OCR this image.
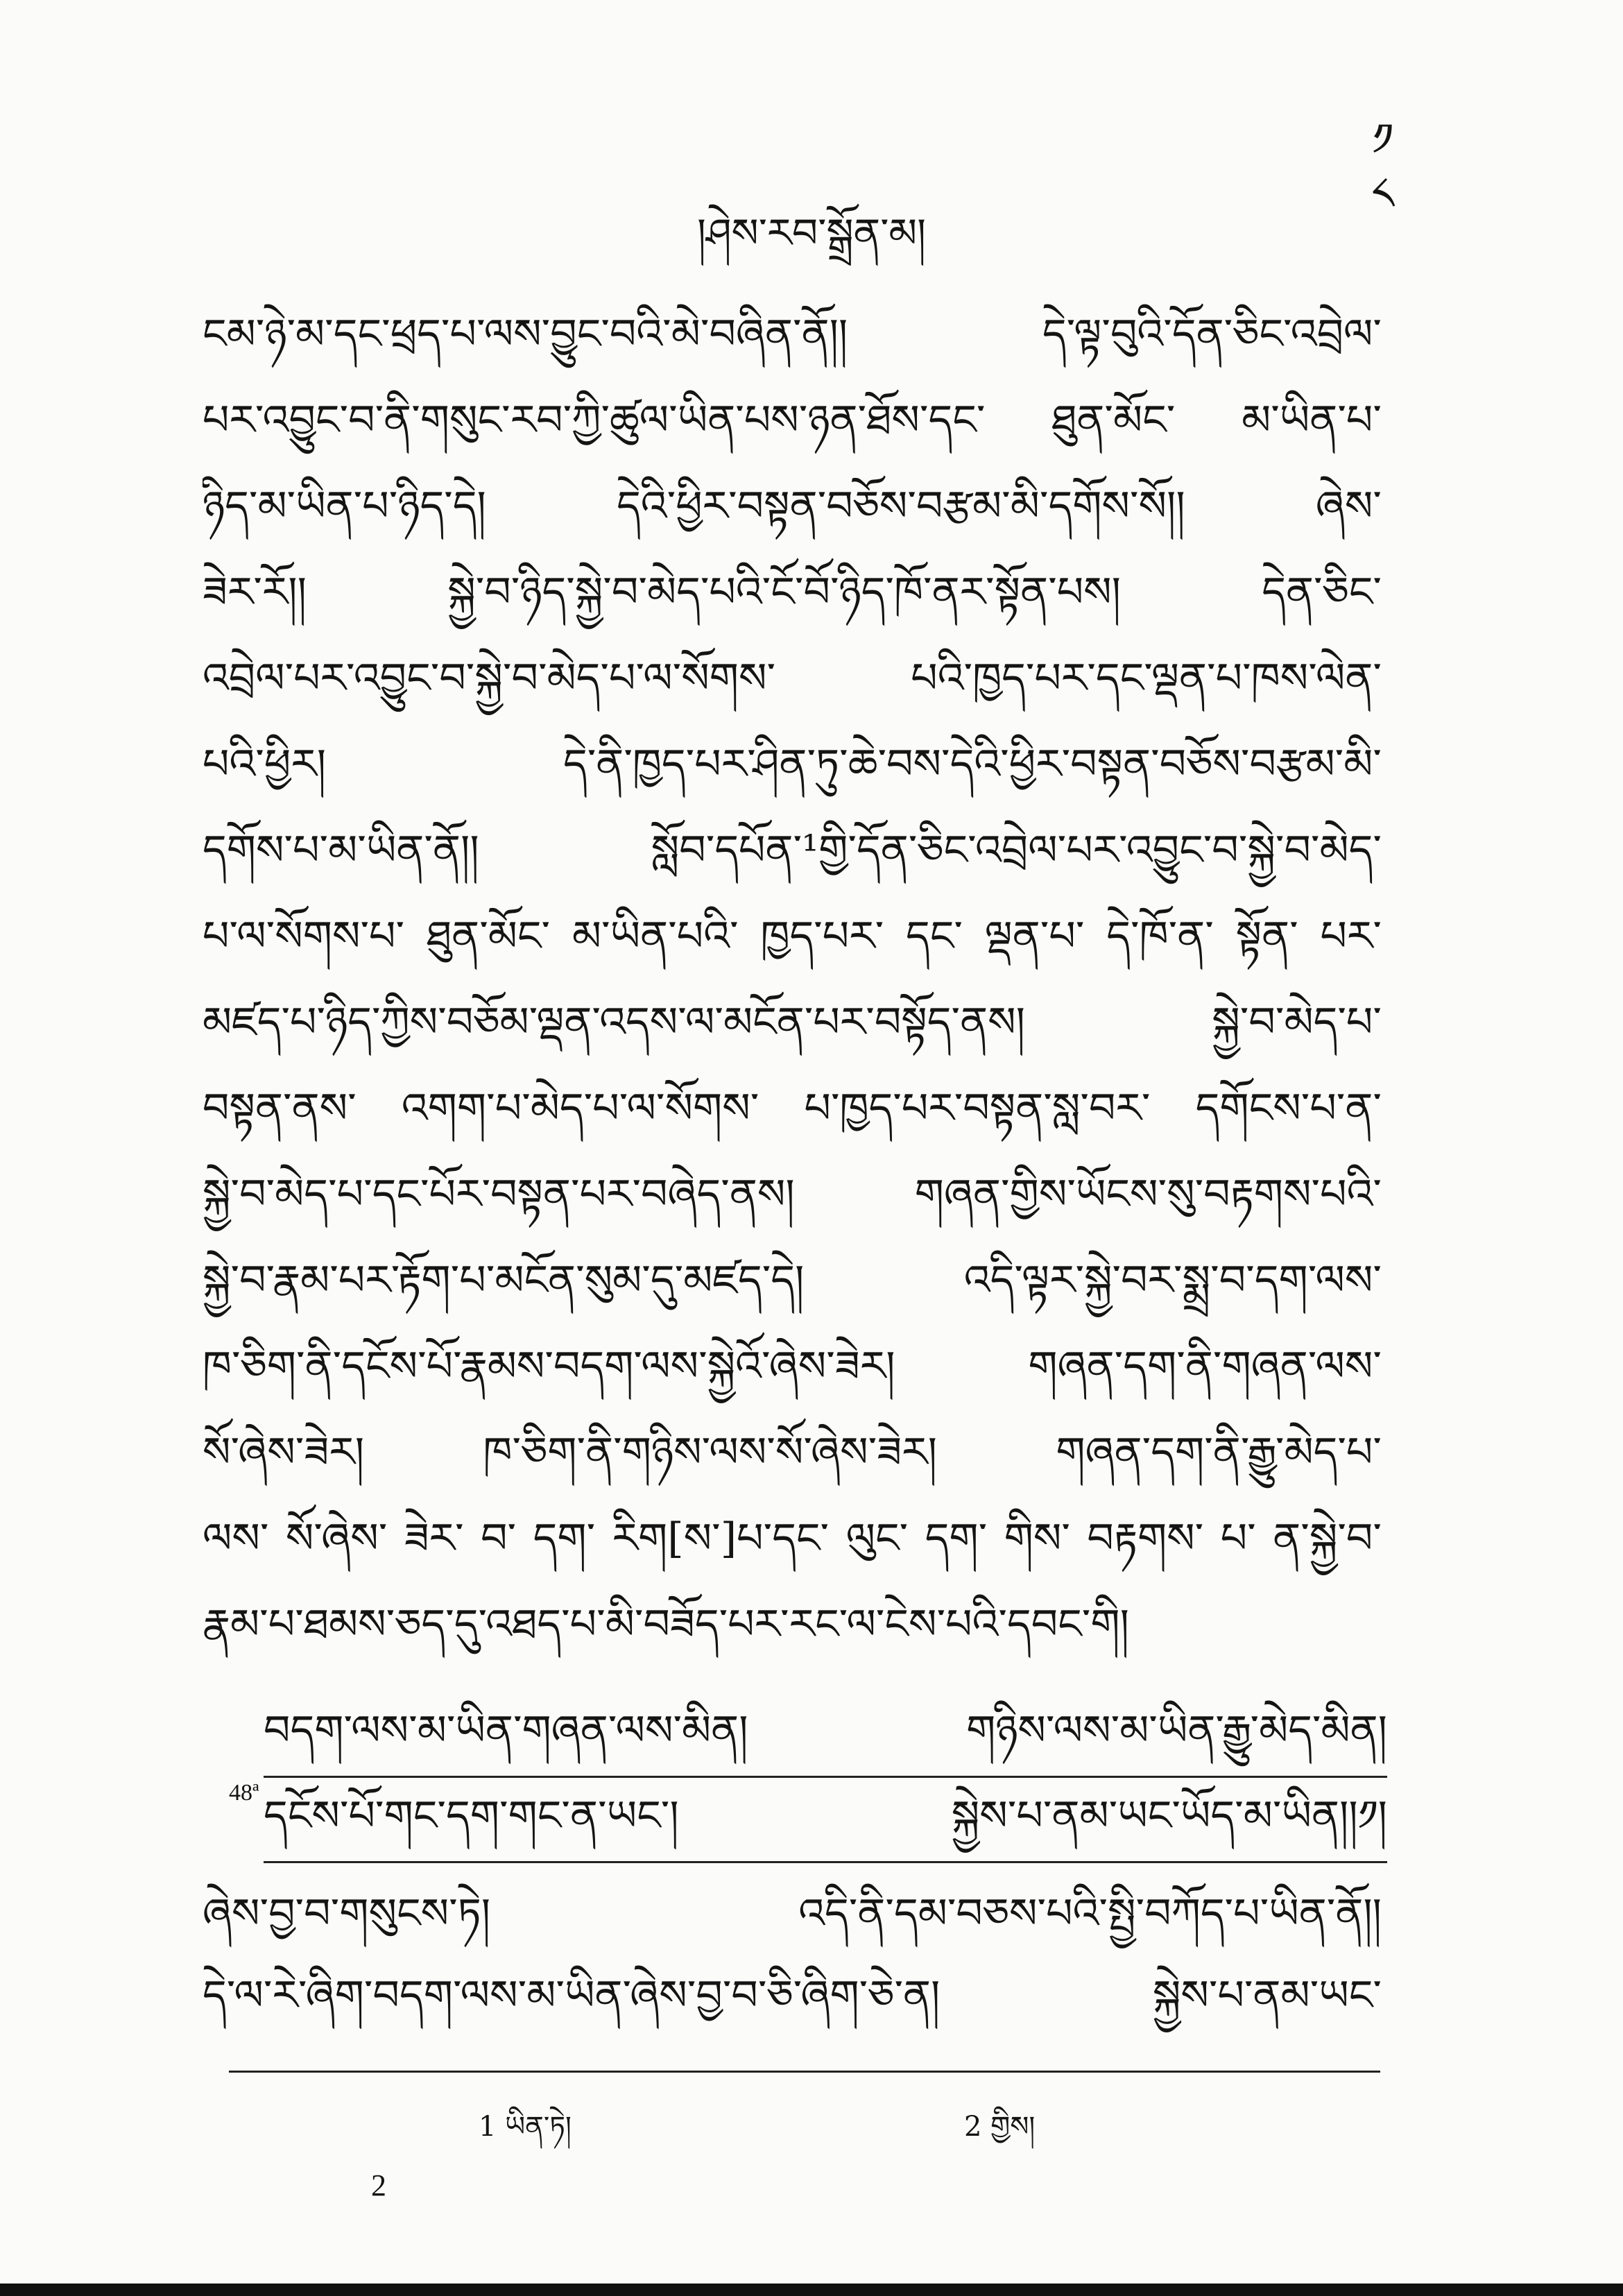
༡
༨
།ཤེས་རབ་སྒྲོན་མ།
ངམ་ཉེ་མ་དང་ཕྲད་པ་ལས་བྱུང་བའི་མེ་བཞིན་ནོ།། དེ་ལྟ་བུའི་དོན་ཅིང་འབྲེལ་
པར་འབྱུང་བ་ནི་གསུང་རབ་ཀྱི་ཚུལ་ཡིན་པས་ཉན་ཐོས་དང་ ཐུན་མོང་ མ་ཡིན་པ་
ཉིད་མ་ཡིན་པ་ཉིད་དེ། དེའི་ཕྱིར་བསྟན་བཅོས་བརྩམ་མི་དགོས་སོ།། ཞེས་
ཟེར་རོ།། སྐྱེ་བ་ཉིད་སྐྱེ་བ་མེད་པའི་ངོ་བོ་ཉིད་ཁོ་ནར་སྟོན་པས། དེན་ཅིང་
འབྲེལ་པར་འབྱུང་བ་སྐྱེ་བ་མེད་པ་ལ་སོགས་ པའི་ཁྱད་པར་དང་ལྡན་པ་ཁས་ལེན་
པའི་ཕྱིར། དེ་ནི་ཁྱད་པར་ཤིན་ཏུ་ཆེ་བས་དེའི་ཕྱིར་བསྟན་བཅོས་བརྩམ་མི་
དགོས་པ་མ་ཡིན་ནོ།། སློབ་དཔོན་¹གྱི་དོན་ཅིང་འབྲེལ་པར་འབྱུང་བ་སྐྱེ་བ་མེད་
པ་ལ་སོགས་པ་ ཐུན་མོང་ མ་ཡིན་པའི་ ཁྱད་པར་ དང་ ལྡན་པ་ དེ་ཁོ་ན་ སྟོན་ པར་
མཛད་པ་ཉིད་ཀྱིས་བཅོམ་ལྡན་འདས་ལ་མངོན་པར་བསྟོད་ནས། སྐྱེ་བ་མེད་པ་
བསྟན་ནས་ འགག་པ་མེད་པ་ལ་སོགས་ པ་ཁྱད་པར་བསྟན་སླ་བར་ དགོངས་པ་ན་
སྐྱེ་བ་མེད་པ་དང་པོར་བསྟན་པར་བཞེད་ནས། གཞན་གྱིས་ཡོངས་སུ་བརྟགས་པའི་
སྐྱེ་བ་རྣམ་པར་རྟོག་པ་མངོན་སུམ་དུ་མཛད་དེ། འདི་ལྟར་སྐྱེ་བར་སྨྲ་བ་དག་ལས་
ཁ་ཅིག་ནི་དངོས་པོ་རྣམས་བདག་ལས་སྐྱེའོ་ཞེས་ཟེར། གཞན་དག་ནི་གཞན་ལས་
སོ་ཞེས་ཟེར། ཁ་ཅིག་ནི་གཉིས་ལས་སོ་ཞེས་ཟེར། གཞན་དག་ནི་རྒྱུ་མེད་པ་
ལས་ སོ་ཞེས་ ཟེར་ བ་ དག་ རིག[ས་]པ་དང་ ལུང་ དག་ གིས་ བརྟགས་ པ་ ན་སྐྱེ་བ་
རྣམ་པ་ཐམས་ཅད་དུ་འཐད་པ་མི་བཟོད་པར་རང་ལ་ངེས་པའི་དབང་གི།
བདག་ལས་མ་ཡིན་གཞན་ལས་མིན། གཉིས་ལས་མ་ཡིན་རྒྱུ་མེད་མིན།
48ª དངོས་པོ་གང་དག་གང་ན་ཡང་། སྐྱེས་པ་ནམ་ཡང་ཡོད་མ་ཡིན།།༡།
ཞེས་བྱ་བ་གསུངས་ཏེ། འདི་ནི་དམ་བཅས་པའི་སྤྱི་བཀོད་པ་ཡིན་ནོ།།
དེ་ལ་རེ་ཞིག་བདག་ལས་མ་ཡིན་ཞེས་བྱ་བ་ཅི་ཞིག་ཅེ་ན། སྐྱེས་པ་ནམ་ཡང་
1 ཡིན་ཏེ།	2 གྱིས།
2
